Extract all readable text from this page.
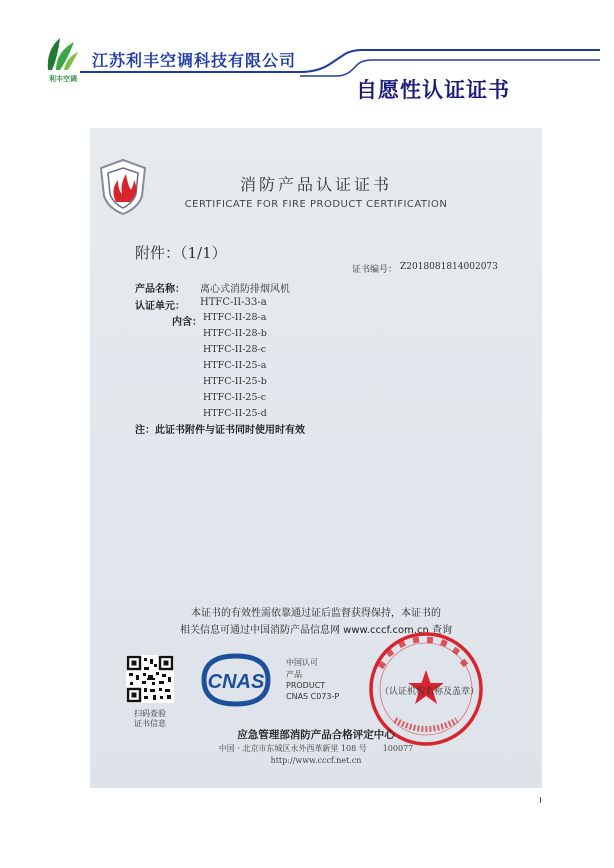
利丰空调
江苏利丰空调科技有限公司
自愿性认证证书
消防产品认证证书
CERTIFICATE FOR FIRE PRODUCT CERTIFICATION
附件：（1/1）
证书编号： Z2018081814002073
产品名称： 离心式消防排烟风机
认证单元： HTFC-II-33-a
内含： HTFC-II-28-a
HTFC-II-28-b
HTFC-II-28-c
HTFC-II-25-a
HTFC-II-25-b
HTFC-II-25-c
HTFC-II-25-d
注：此证书附件与证书同时使用时有效
本证书的有效性需依靠通过证后监督获得保持，本证书的
相关信息可通过中国消防产品信息网 www.cccf.com.cn 查询
扫码查验
证书信息
CNAS
中国认可
产品
PRODUCT
CNAS C073-P	（认证机构名称及盖章）
应急管理部消防产品合格评定中心
中国 · 北京市东城区永外西革新里 108 号　　100077
http://www.cccf.net.cn
